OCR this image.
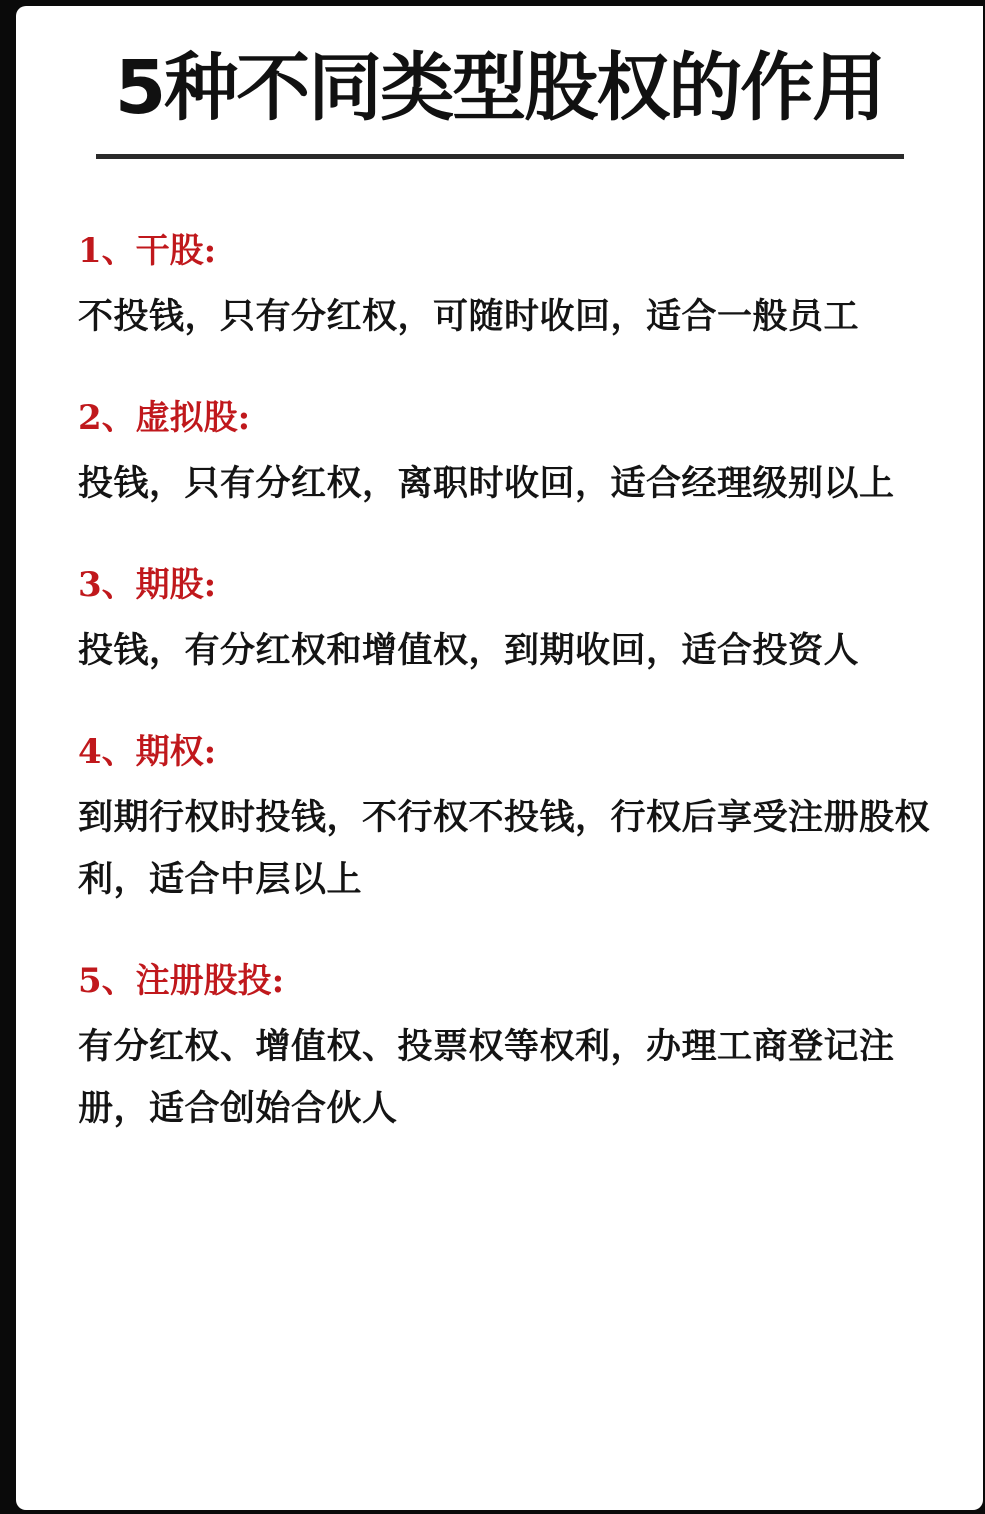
5种不同类型股权的作用
1、干股:
不投钱，只有分红权，可随时收回，适合一般员工
2、虚拟股:
投钱，只有分红权，离职时收回，适合经理级别以上
3、期股:
投钱，有分红权和增值权，到期收回，适合投资人
4、期权:
到期行权时投钱，不行权不投钱，行权后享受注册股权利，适合中层以上
5、注册股投:
有分红权、增值权、投票权等权利，办理工商登记注册，适合创始合伙人
